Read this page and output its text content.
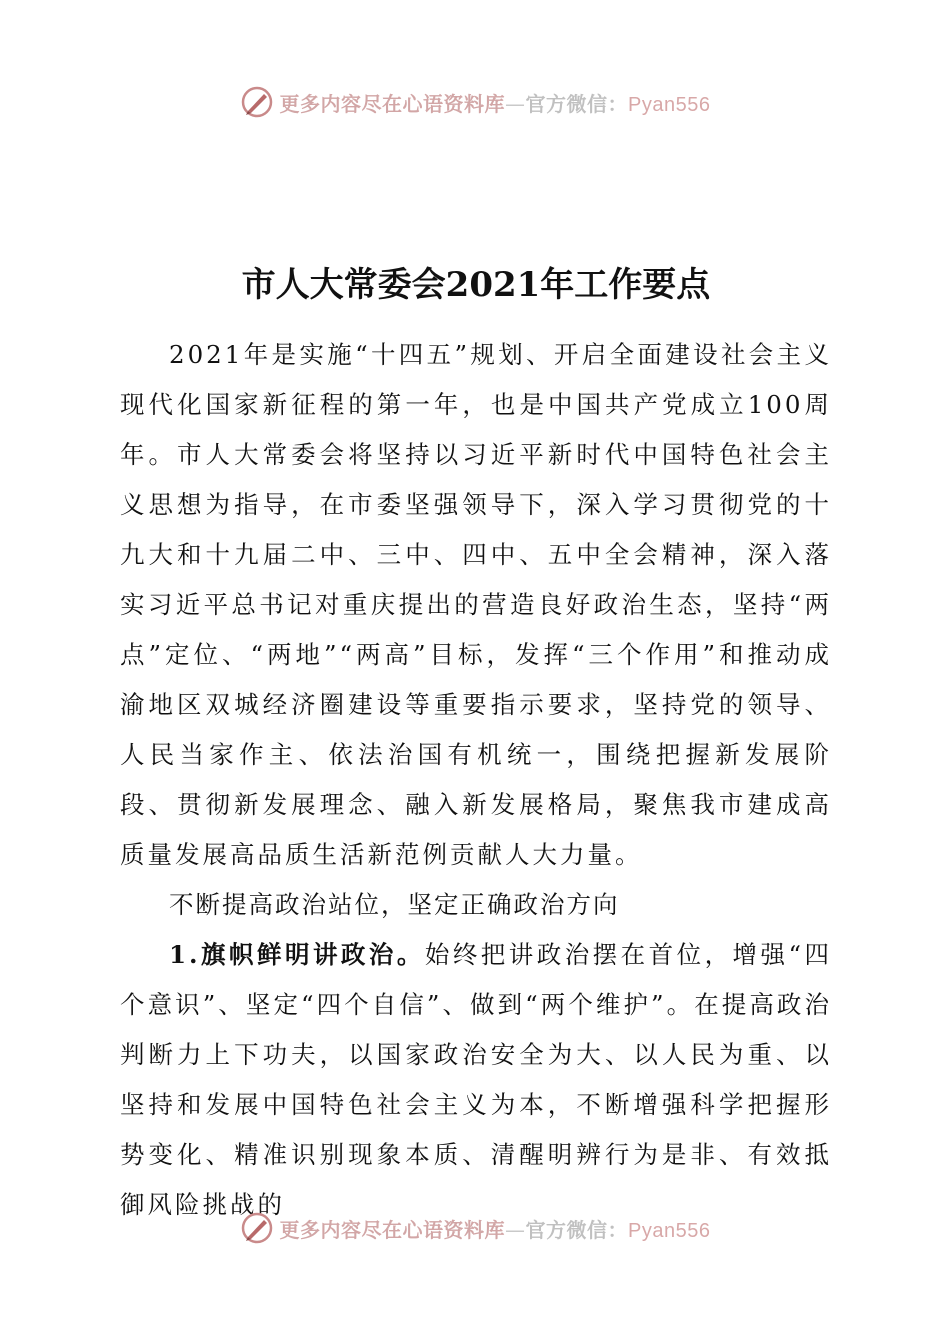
更多内容尽在心语资料库—官方微信：Pyan556
市人大常委会2021年工作要点

2021年是实施“十四五”规划、开启全面建设社会主义现代化国家新征程的第一年，也是中国共产党成立100周年。市人大常委会将坚持以习近平新时代中国特色社会主义思想为指导，在市委坚强领导下，深入学习贯彻党的十九大和十九届二中、三中、四中、五中全会精神，深入落实习近平总书记对重庆提出的营造良好政治生态，坚持“两点”定位、“两地”“两高”目标，发挥“三个作用”和推动成渝地区双城经济圈建设等重要指示要求，坚持党的领导、人民当家作主、依法治国有机统一，围绕把握新发展阶段、贯彻新发展理念、融入新发展格局，聚焦我市建成高质量发展高品质生活新范例贡献人大力量。

不断提高政治站位，坚定正确政治方向

1.旗帜鲜明讲政治。始终把讲政治摆在首位，增强“四个意识”、坚定“四个自信”、做到“两个维护”。在提高政治判断力上下功夫，以国家政治安全为大、以人民为重、以坚持和发展中国特色社会主义为本，不断增强科学把握形势变化、精准识别现象本质、清醒明辨行为是非、有效抵御风险挑战的

更多内容尽在心语资料库—官方微信：Pyan556
